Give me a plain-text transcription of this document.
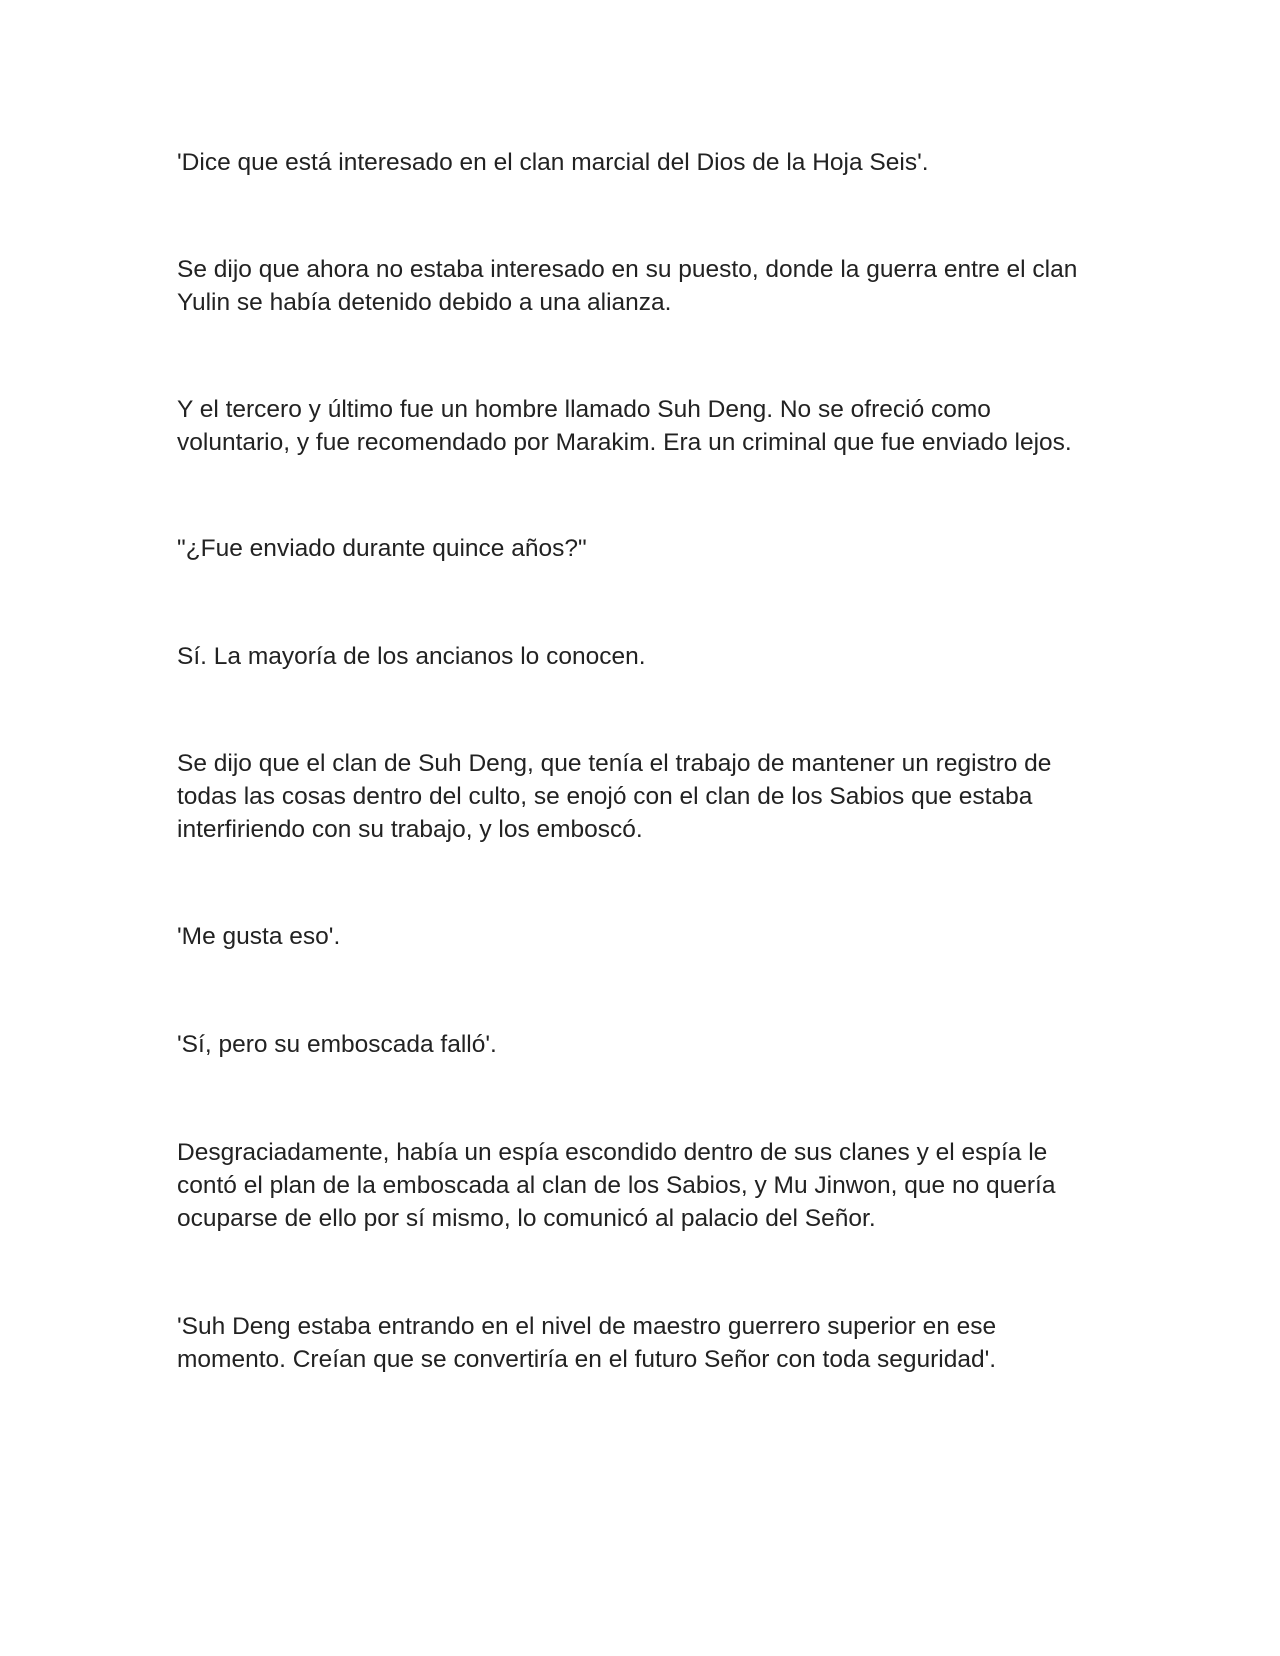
'Dice que está interesado en el clan marcial del Dios de la Hoja Seis'.

Se dijo que ahora no estaba interesado en su puesto, donde la guerra entre el clan
Yulin se había detenido debido a una alianza.

Y el tercero y último fue un hombre llamado Suh Deng. No se ofreció como
voluntario, y fue recomendado por Marakim. Era un criminal que fue enviado lejos.

"¿Fue enviado durante quince años?"

Sí. La mayoría de los ancianos lo conocen.

Se dijo que el clan de Suh Deng, que tenía el trabajo de mantener un registro de
todas las cosas dentro del culto, se enojó con el clan de los Sabios que estaba
interfiriendo con su trabajo, y los emboscó.

'Me gusta eso'.

'Sí, pero su emboscada falló'.

Desgraciadamente, había un espía escondido dentro de sus clanes y el espía le
contó el plan de la emboscada al clan de los Sabios, y Mu Jinwon, que no quería
ocuparse de ello por sí mismo, lo comunicó al palacio del Señor.

'Suh Deng estaba entrando en el nivel de maestro guerrero superior en ese
momento. Creían que se convertiría en el futuro Señor con toda seguridad'.
